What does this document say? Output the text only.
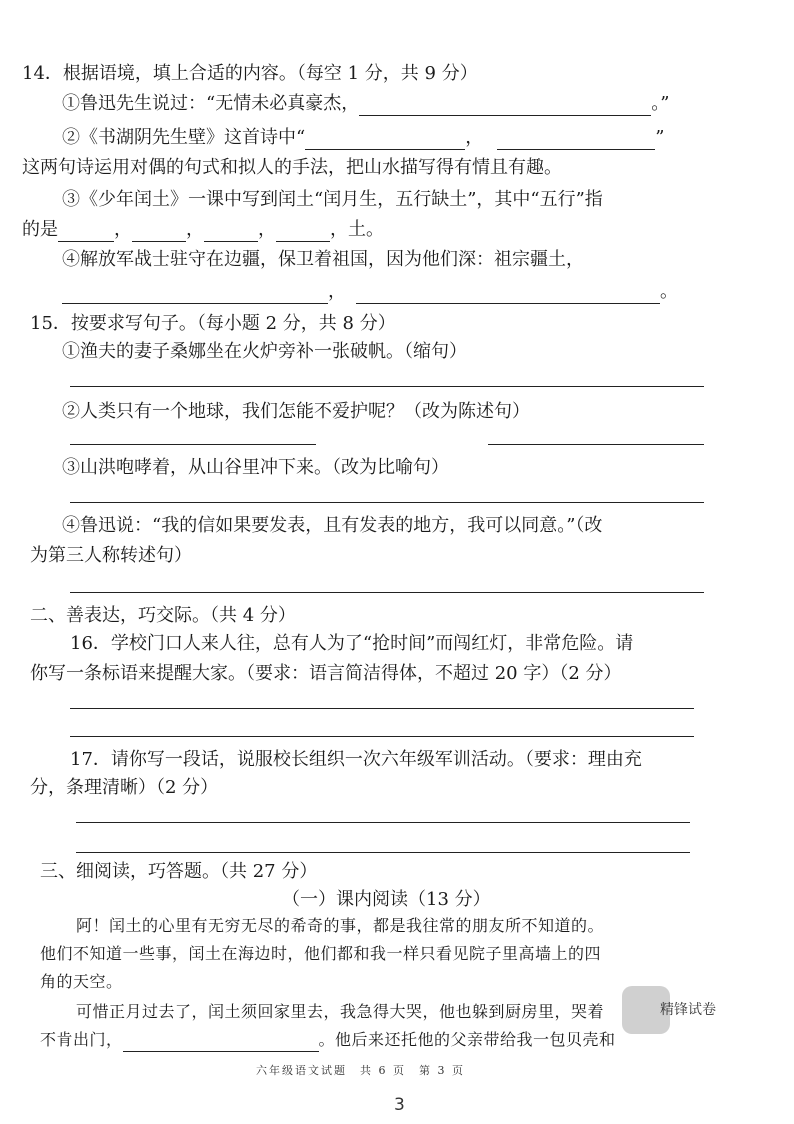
14．根据语境，填上合适的内容。（每空 1 分，共 9 分）
①鲁迅先生说过：“无情未必真豪杰，	。”
②《书湖阴先生壁》这首诗中“	，	”
这两句诗运用对偶的句式和拟人的手法，把山水描写得有情且有趣。
③《少年闰土》一课中写到闰土“闰月生，五行缺土”，其中“五行”指
的是	，	，	，	，土。
④解放军战士驻守在边疆，保卫着祖国，因为他们深：祖宗疆土，
，	。
15．按要求写句子。（每小题 2 分，共 8 分）
①渔夫的妻子桑娜坐在火炉旁补一张破帆。（缩句）
②人类只有一个地球，我们怎能不爱护呢？（改为陈述句）
③山洪咆哮着，从山谷里冲下来。（改为比喻句）
④鲁迅说：“我的信如果要发表，且有发表的地方，我可以同意。”（改
为第三人称转述句）
二、善表达，巧交际。（共 4 分）
16．学校门口人来人往，总有人为了“抢时间”而闯红灯，非常危险。请
你写一条标语来提醒大家。（要求：语言简洁得体，不超过 20 字）（2 分）
17．请你写一段话，说服校长组织一次六年级军训活动。（要求：理由充
分，条理清晰）（2 分）
三、细阅读，巧答题。（共 27 分）
（一）课内阅读（13 分）
阿！闰土的心里有无穷无尽的希奇的事，都是我往常的朋友所不知道的。
他们不知道一些事，闰土在海边时，他们都和我一样只看见院子里高墙上的四
角的天空。
可惜正月过去了，闰土须回家里去，我急得大哭，他也躲到厨房里，哭着
不肯出门，	。他后来还托他的父亲带给我一包贝壳和
精锋试卷
六年级语文试题　共 6 页　第 3 页
3
